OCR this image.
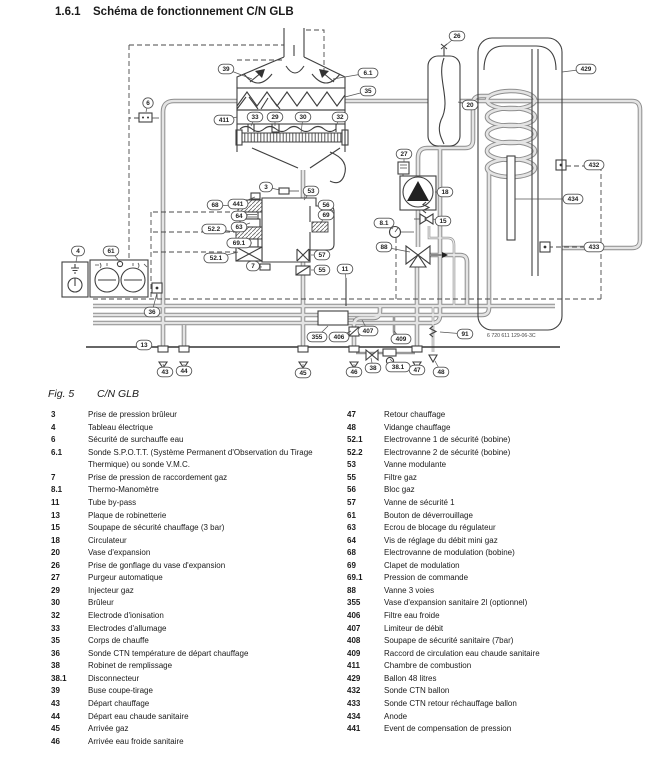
1.6.1 Schéma de fonctionnement C/N GLB
6 720 611 129-06-3C
39
6.1
35
411	33 29	30	32
26
429
20
6
27
18
432
434
433
15
8.1
88
3
53
56
69
68 441
64
63
52.2
69.1
52.1
7
57
55	11
4	61
36
13
43 44	45	46
38 38.1 47	48
355 406
407
409
91
Fig. 5 C/N GLB
3	Prise de pression brûleur
4	Tableau électrique
6	Sécurité de surchauffe eau
6.1	Sonde S.P.O.T.T. (Système Permanent d'Observation du Tirage Thermique) ou sonde V.M.C.
7	Prise de pression de raccordement gaz
8.1	Thermo-Manomètre
11	Tube by-pass
13	Plaque de robinetterie
15	Soupape de sécurité chauffage (3 bar)
18	Circulateur
20	Vase d'expansion
26	Prise de gonflage du vase d'expansion
27	Purgeur automatique
29	Injecteur gaz
30	Brûleur
32	Electrode d'ionisation
33	Electrodes d'allumage
35	Corps de chauffe
36	Sonde CTN température de départ chauffage
38	Robinet de remplissage
38.1	Disconnecteur
39	Buse coupe-tirage
43	Départ chauffage
44	Départ eau chaude sanitaire
45	Arrivée gaz
46	Arrivée eau froide sanitaire
47	Retour chauffage
48	Vidange chauffage
52.1	Electrovanne 1 de sécurité (bobine)
52.2	Electrovanne 2 de sécurité (bobine)
53	Vanne modulante
55	Filtre gaz
56	Bloc gaz
57	Vanne de sécurité 1
61	Bouton de déverrouillage
63	Ecrou de blocage du régulateur
64	Vis de réglage du débit mini gaz
68	Electrovanne de modulation (bobine)
69	Clapet de modulation
69.1	Pression de commande
88	Vanne 3 voies
355	Vase d'expansion sanitaire 2l (optionnel)
406	Filtre eau froide
407	Limiteur de débit
408	Soupape de sécurité sanitaire (7bar)
409	Raccord de circulation eau chaude sanitaire
411	Chambre de combustion
429	Ballon 48 litres
432	Sonde CTN ballon
433	Sonde CTN retour réchauffage ballon
434	Anode
441	Event de compensation de pression
